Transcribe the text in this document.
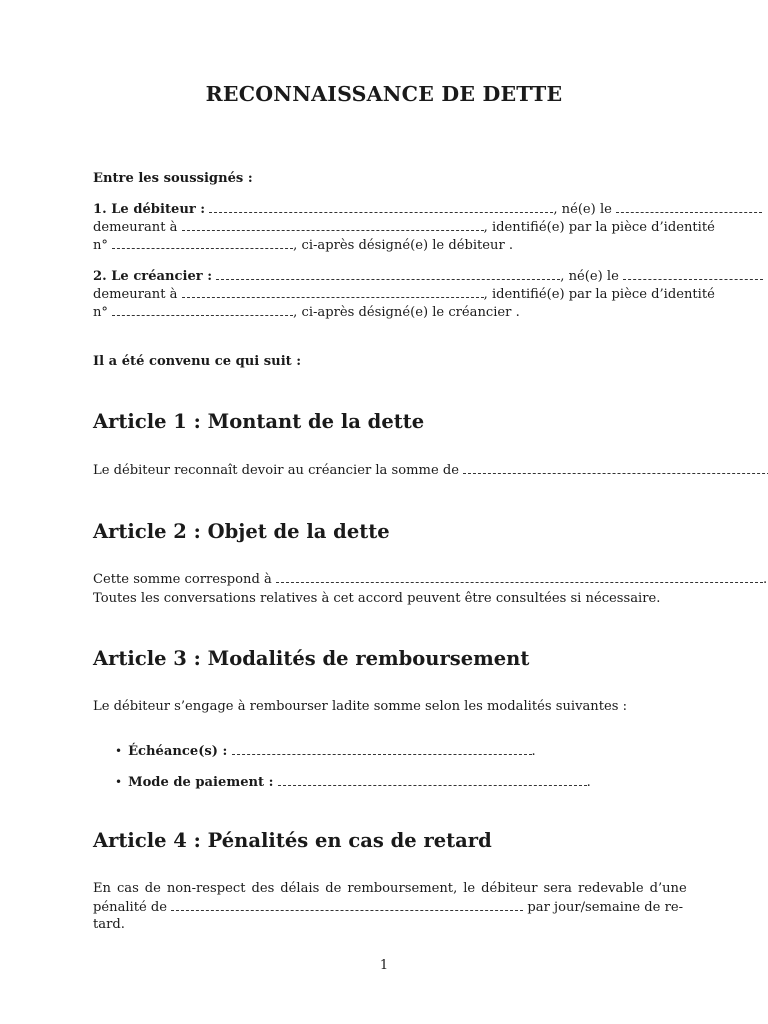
RECONNAISSANCE DE DETTE
Entre les soussignés :
1. Le débiteur :	, né(e) le
demeurant à	, identifié(e) par la pièce d’identité
n°	, ci-après désigné(e) le débiteur .
2. Le créancier :	, né(e) le
demeurant à	, identifié(e) par la pièce d’identité
n°	, ci-après désigné(e) le créancier .
Il a été convenu ce qui suit :
Article 1 : Montant de la dette
Le débiteur reconnaît devoir au créancier la somme de
Article 2 : Objet de la dette
Cette somme correspond à	.
Toutes les conversations relatives à cet accord peuvent être consultées si nécessaire.
Article 3 : Modalités de remboursement
Le débiteur s’engage à rembourser ladite somme selon les modalités suivantes :
• Échéance(s) :	.
• Mode de paiement :	.
Article 4 : Pénalités en cas de retard
En cas de non-respect des délais de remboursement, le débiteur sera redevable d’une
pénalité de	par jour/semaine de re-
tard.
1
